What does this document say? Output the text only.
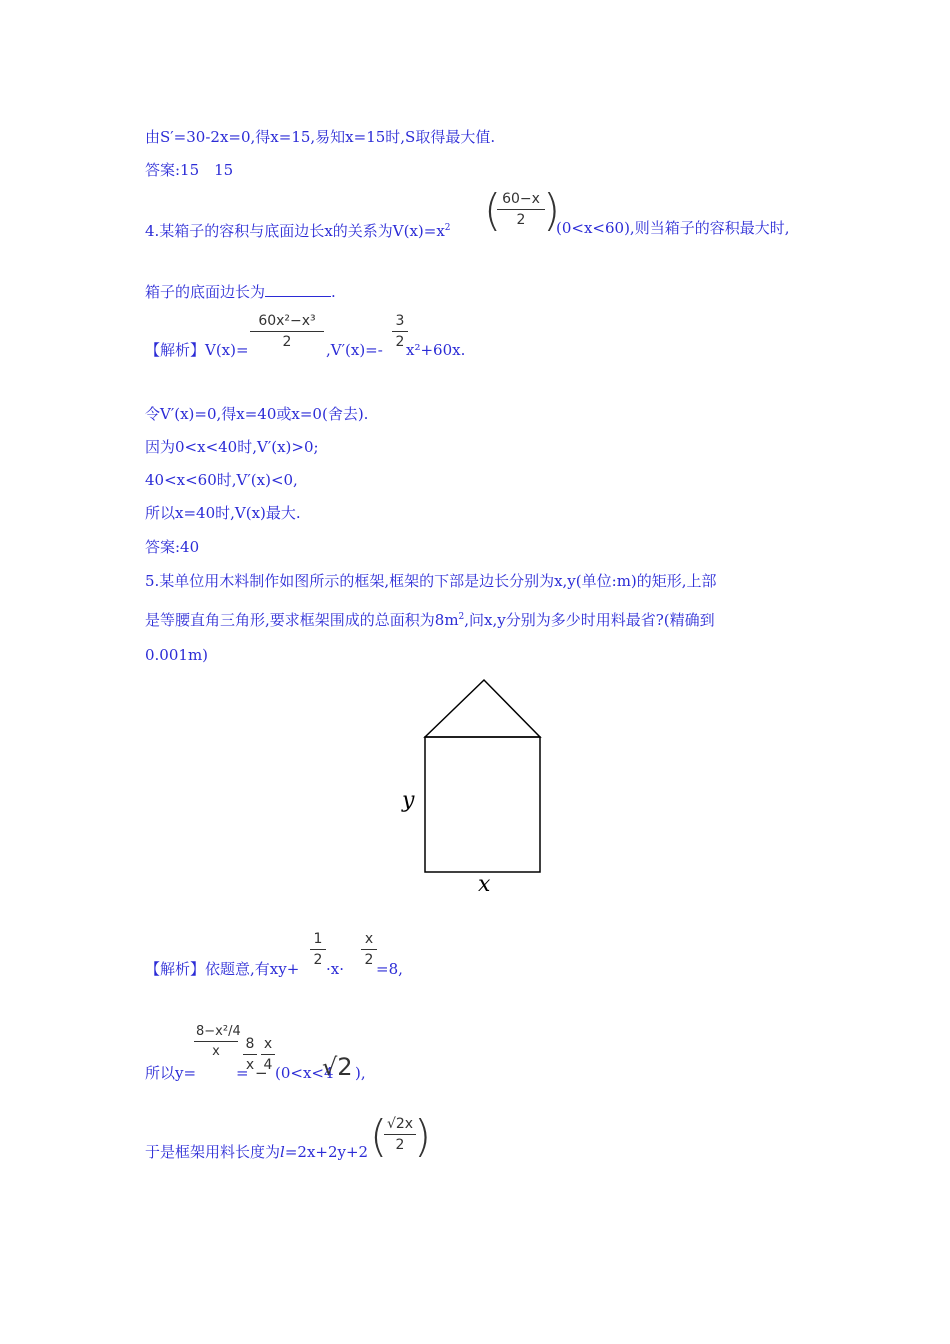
由S′=30-2x=0,得x=15,易知x=15时,S取得最大值.
答案:15　15
4.某箱子的容积与底面边长x的关系为$V(x)=x^2$ ( 60−x
2 )
(0<x<60),则当箱子的容积最大时,
箱子的底面边长为	.
【解析】V(x)=
60x²−x³
2	,V′(x)=-
3
2 x²+60x.
令V′(x)=0,得x=40或x=0(舍去).
因为0<x<40时,V′(x)>0;
40<x<60时,V′(x)<0,
所以x=40时,V(x)最大.
答案:40
5.某单位用木料制作如图所示的框架,框架的下部是边长分别为x,y(单位:m)的矩形,上部
是等腰直角三角形,要求框架围成的总面积为$8m^2$,问x,y分别为多少时用料最省?(精确到
0.001m)
y
x
【解析】依题意,有xy+
1
2 ·x·
x
2 =8,
所以y=
8−x²/4
x
=
8
x −
x
4 (0<x<4
√2 ),
于是框架用料长度为l=2x+2y+2 ( √2x
2 )
